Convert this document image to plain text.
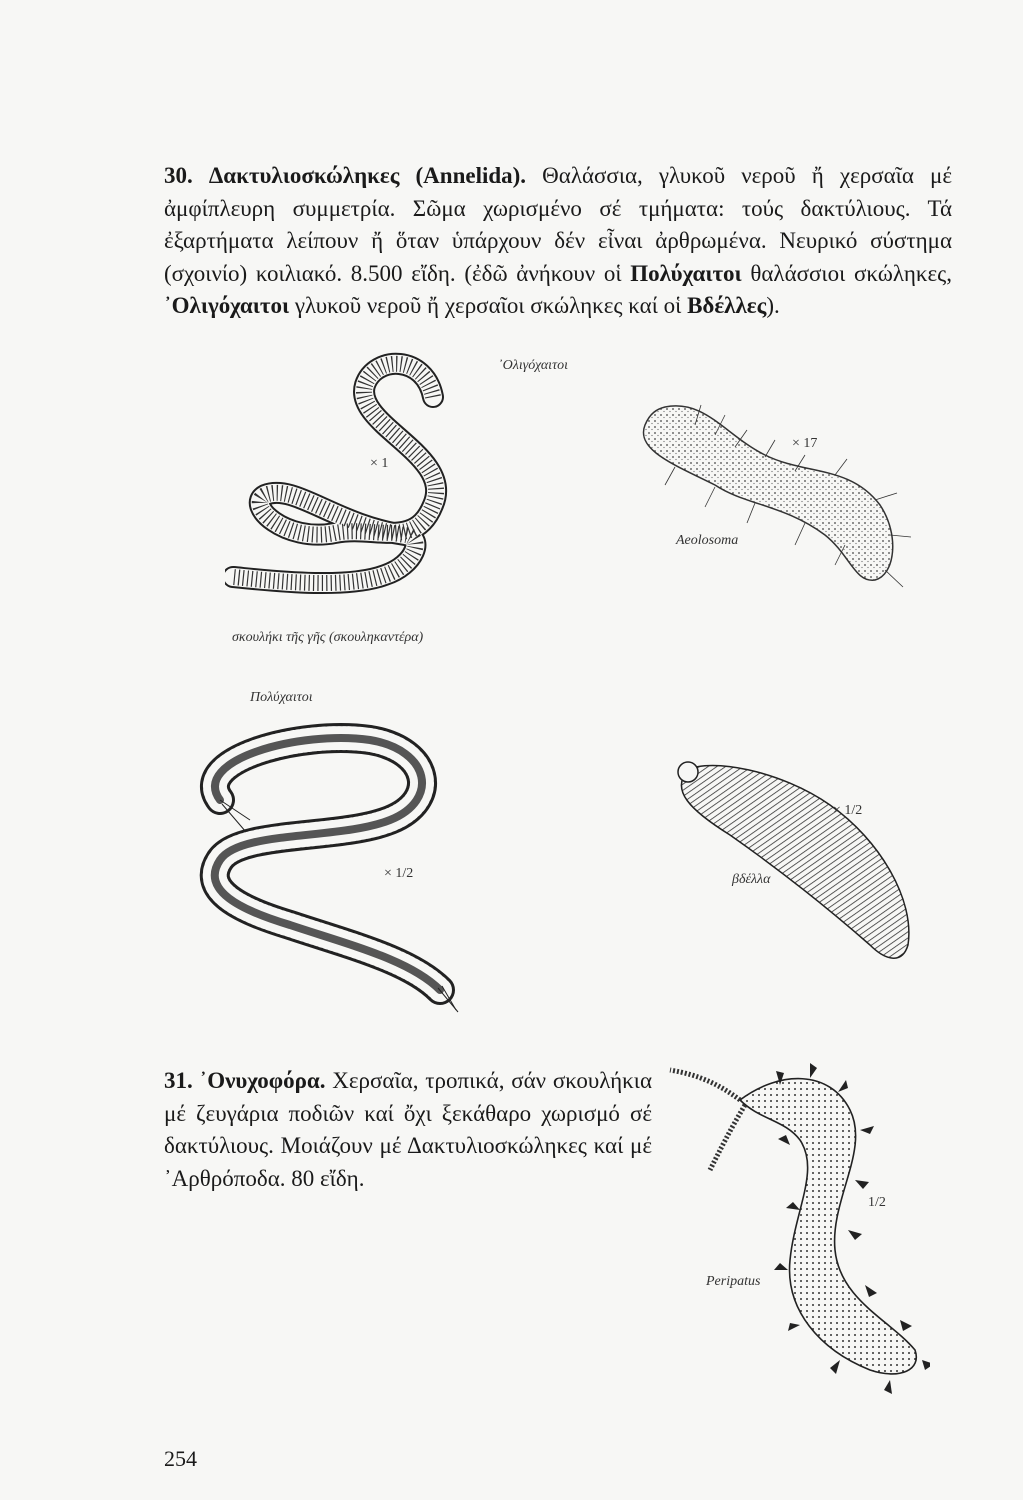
30. Δακτυλιοσκώληκες (Annelida). Θαλάσσια, γλυκοῦ νεροῦ ἤ χερσαῖα μέ ἀμφίπλευρη συμμετρία. Σῶμα χωρισμένο σέ τμήματα: τούς δακτύλιους. Τά ἐξαρτήματα λείπουν ἤ ὅταν ὑπάρχουν δέν εἶναι ἀρθρωμένα. Νευρικό σύστημα (σχοινίο) κοιλιακό. 8.500 εἴδη. (ἐδῶ ἀνήκουν οἱ Πολύχαιτοι θαλάσσιοι σκώληκες, ᾿Ολιγόχαιτοι γλυκοῦ νεροῦ ἤ χερσαῖοι σκώληκες καί οἱ Βδέλλες).

᾿Ολιγόχαιτοι
× 1
σκουλήκι τῆς γῆς (σκουληκαντέρα)
× 17
Aeolosoma
Πολύχαιτοι
× 1/2
× 1/2
βδέλλα

31. ᾿Ονυχοφόρα. Χερσαῖα, τροπικά, σάν σκουλήκια μέ ζευγάρια ποδιῶν καί ὄχι ξεκάθαρο χωρισμό σέ δακτύλιους. Μοιάζουν μέ Δακτυλιοσκώληκες καί μέ ᾿Αρθρόποδα. 80 εἴδη.

1/2
Peripatus
254
